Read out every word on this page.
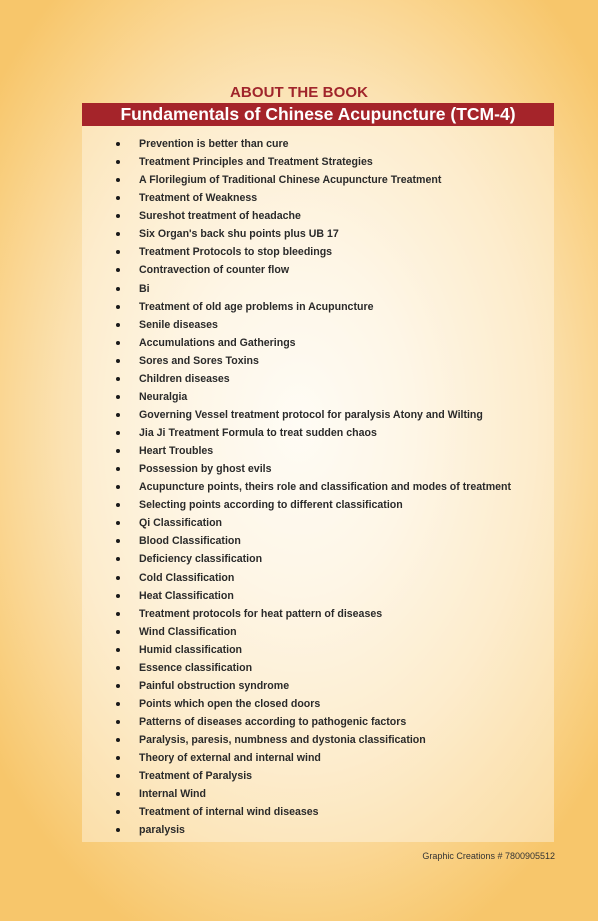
ABOUT THE BOOK
Fundamentals of Chinese Acupuncture (TCM-4)
Prevention is better than cure
Treatment Principles and Treatment Strategies
A Florilegium of Traditional Chinese Acupuncture Treatment
Treatment of Weakness
Sureshot treatment of headache
Six Organ's back shu points plus UB 17
Treatment Protocols to stop bleedings
Contravection of counter flow
Bi
Treatment of old age problems in Acupuncture
Senile diseases
Accumulations and Gatherings
Sores and Sores Toxins
Children diseases
Neuralgia
Governing Vessel treatment protocol for paralysis Atony and Wilting
Jia Ji Treatment Formula to treat sudden chaos
Heart Troubles
Possession by ghost evils
Acupuncture points, theirs role and classification and modes of treatment
Selecting points according to different classification
Qi Classification
Blood Classification
Deficiency classification
Cold Classification
Heat Classification
Treatment protocols for heat pattern of diseases
Wind Classification
Humid classification
Essence classification
Painful obstruction syndrome
Points which open the closed doors
Patterns of diseases according to pathogenic factors
Paralysis, paresis, numbness and dystonia classification
Theory of external and internal wind
Treatment of Paralysis
Internal Wind
Treatment of internal wind diseases
paralysis
Graphic Creations # 7800905512
